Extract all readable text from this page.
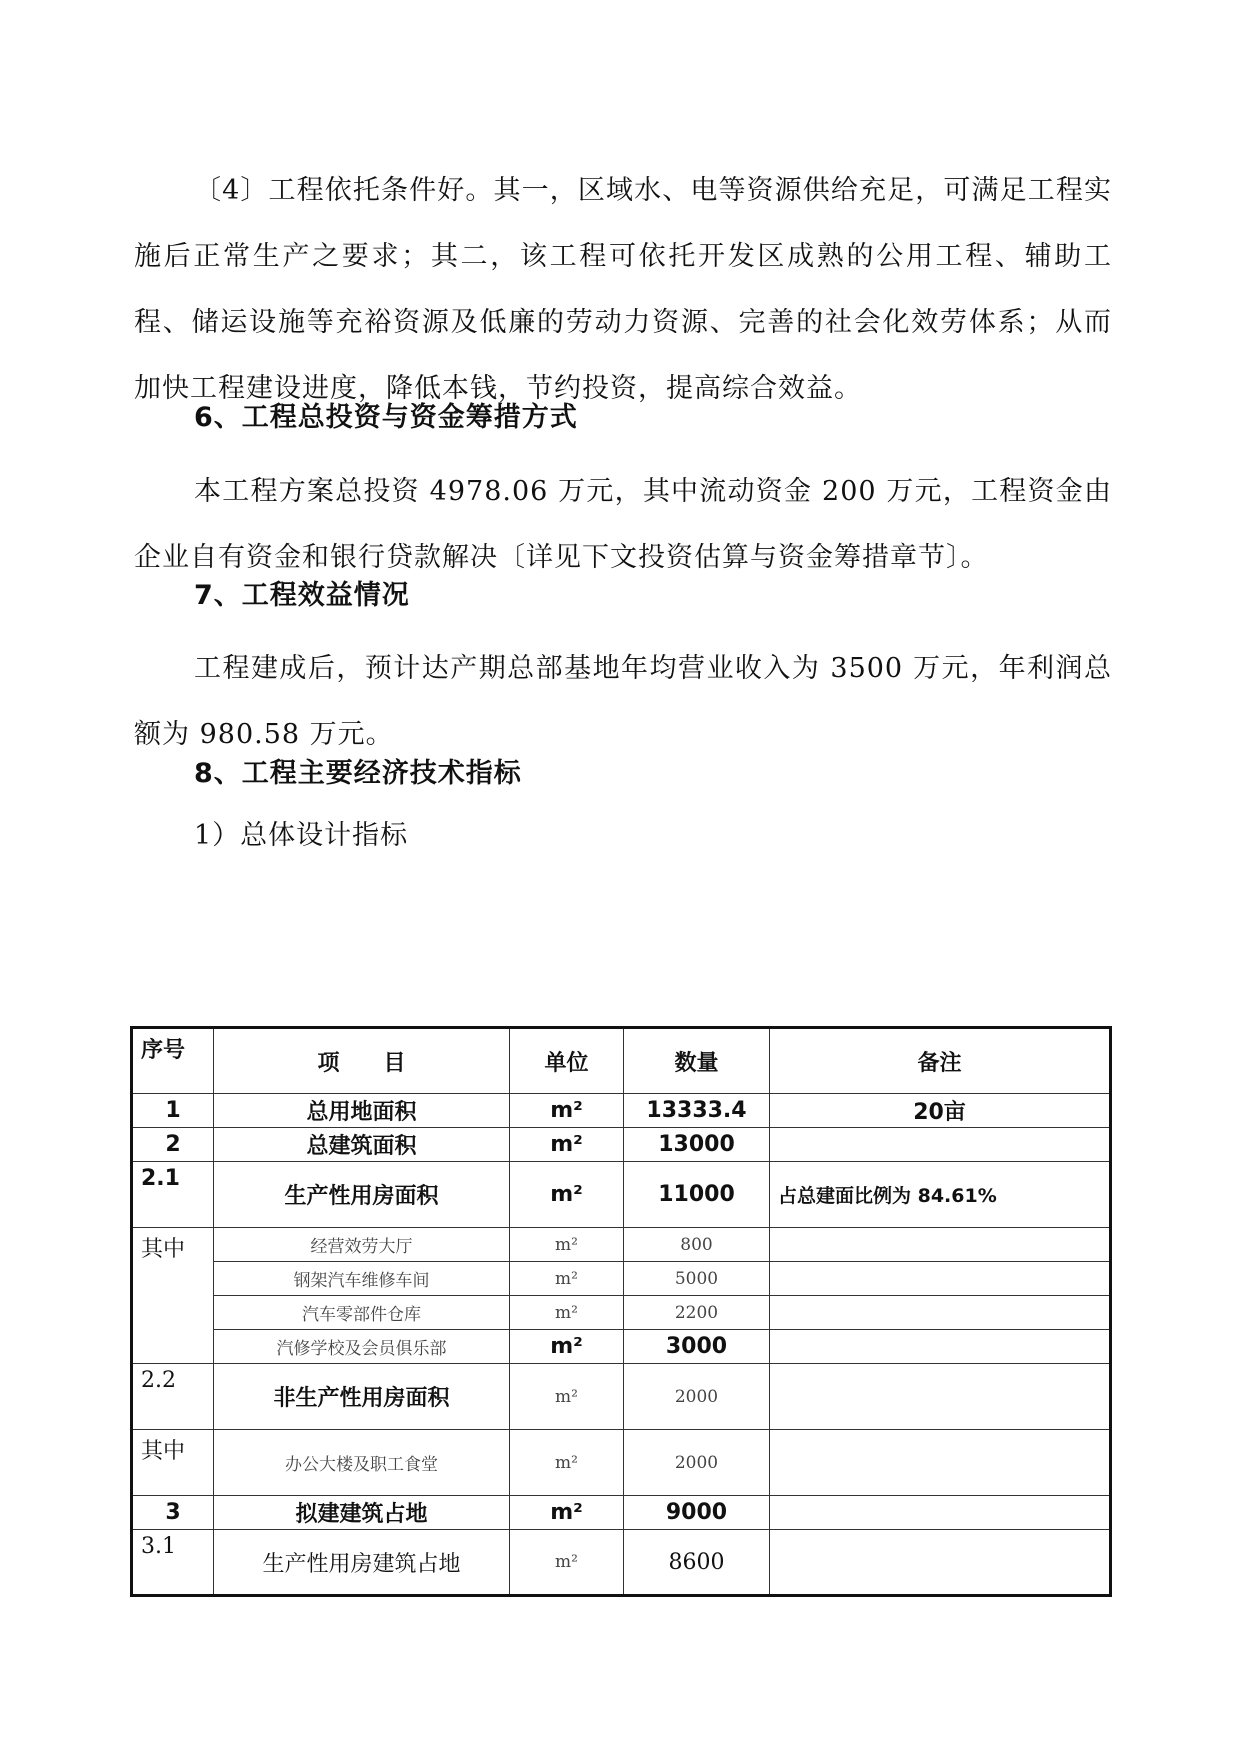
〔4〕工程依托条件好。其一，区域水、电等资源供给充足，可满足工程实施后正常生产之要求；其二，该工程可依托开发区成熟的公用工程、辅助工程、储运设施等充裕资源及低廉的劳动力资源、完善的社会化效劳体系；从而加快工程建设进度，降低本钱，节约投资，提高综合效益。

6、工程总投资与资金筹措方式

本工程方案总投资 4978.06 万元，其中流动资金 200 万元，工程资金由企业自有资金和银行贷款解决〔详见下文投资估算与资金筹措章节〕。

7、工程效益情况

工程建成后，预计达产期总部基地年均营业收入为 3500 万元，年利润总额为 980.58 万元。

8、工程主要经济技术指标

1）总体设计指标

序号	项　　目	单位	数量	备注
1	总用地面积	m²	13333.4	20亩
2	总建筑面积	m²	13000	
2.1	生产性用房面积	m²	11000	占总建面比例为 84.61%
其中	经营效劳大厅	m²	800	
	钢架汽车维修车间	m²	5000	
	汽车零部件仓库	m²	2200	
	汽修学校及会员俱乐部	m²	3000	
2.2	非生产性用房面积	m²	2000	
其中	办公大楼及职工食堂	m²	2000	
3	拟建建筑占地	m²	9000	
3.1	生产性用房建筑占地	m²	8600	
